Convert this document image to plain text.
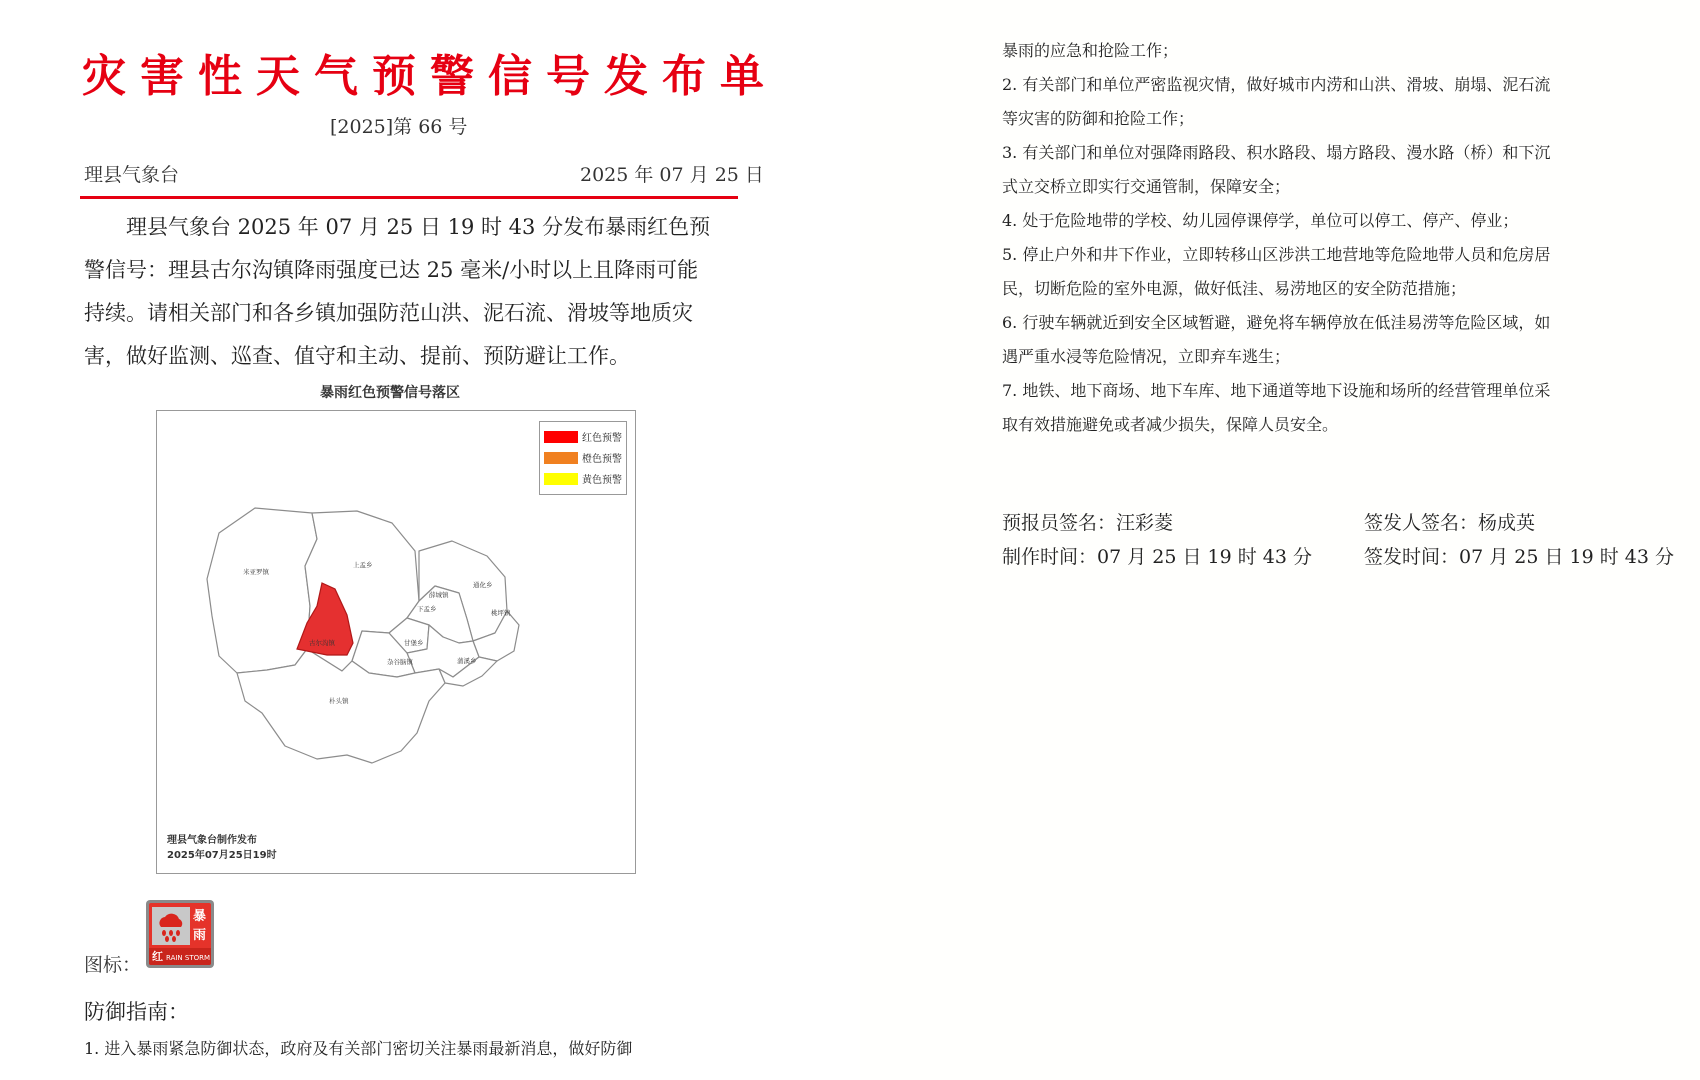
灾害性天气预警信号发布单
[2025]第 66 号
理县气象台	2025 年 07 月 25 日

理县气象台 2025 年 07 月 25 日 19 时 43 分发布暴雨红色预警信号：理县古尔沟镇降雨强度已达 25 毫米/小时以上且降雨可能持续。请相关部门和各乡镇加强防范山洪、泥石流、滑坡等地质灾害，做好监测、巡查、值守和主动、提前、预防避让工作。

暴雨红色预警信号落区
米亚罗镇
上孟乡
下孟乡
古尔沟镇
杂谷脑镇
甘堡乡
薛城镇
通化乡
蒲溪乡
桃坪镇
朴头镇
红色预警
橙色预警
黄色预警
理县气象台制作发布
2025年07月25日19时
图标：
暴雨
红RAIN STORM
防御指南：
1. 进入暴雨紧急防御状态，政府及有关部门密切关注暴雨最新消息，做好防御

暴雨的应急和抢险工作；

2. 有关部门和单位严密监视灾情，做好城市内涝和山洪、滑坡、崩塌、泥石流

等灾害的防御和抢险工作；

3. 有关部门和单位对强降雨路段、积水路段、塌方路段、漫水路（桥）和下沉

式立交桥立即实行交通管制，保障安全；

4. 处于危险地带的学校、幼儿园停课停学，单位可以停工、停产、停业；

5. 停止户外和井下作业，立即转移山区涉洪工地营地等危险地带人员和危房居

民，切断危险的室外电源，做好低洼、易涝地区的安全防范措施；

6. 行驶车辆就近到安全区域暂避，避免将车辆停放在低洼易涝等危险区域，如

遇严重水浸等危险情况，立即弃车逃生；

7. 地铁、地下商场、地下车库、地下通道等地下设施和场所的经营管理单位采

取有效措施避免或者减少损失，保障人员安全。

预报员签名：汪彩菱	签发人签名：杨成英
制作时间：07 月 25 日 19 时 43 分	签发时间：07 月 25 日 19 时 43 分
